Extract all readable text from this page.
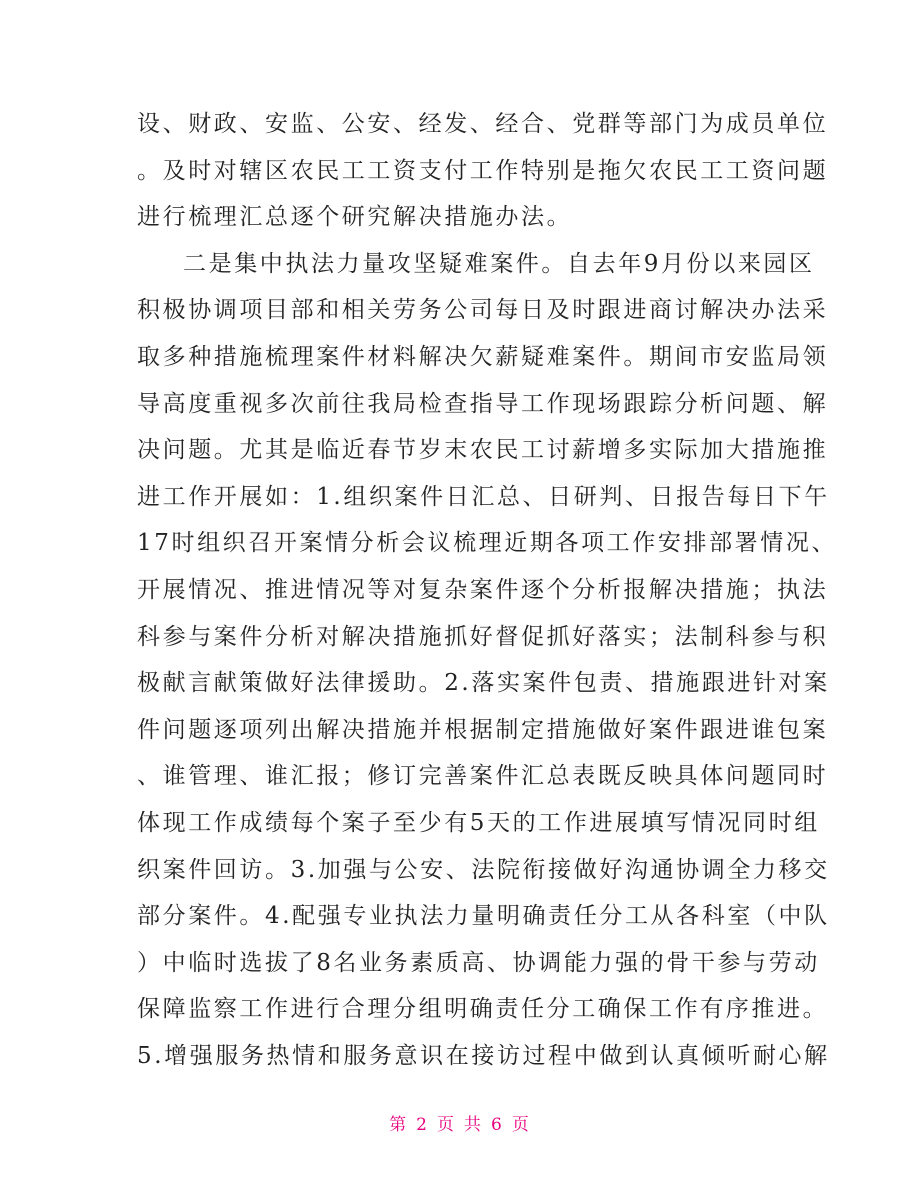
设、财政、安监、公安、经发、经合、党群等部门为成员单位
。及时对辖区农民工工资支付工作特别是拖欠农民工工资问题
进行梳理汇总逐个研究解决措施办法。
二是集中执法力量攻坚疑难案件。自去年9月份以来园区
积极协调项目部和相关劳务公司每日及时跟进商讨解决办法采
取多种措施梳理案件材料解决欠薪疑难案件。期间市安监局领
导高度重视多次前往我局检查指导工作现场跟踪分析问题、解
决问题。尤其是临近春节岁末农民工讨薪增多实际加大措施推
进工作开展如：1.组织案件日汇总、日研判、日报告每日下午
17时组织召开案情分析会议梳理近期各项工作安排部署情况、
开展情况、推进情况等对复杂案件逐个分析报解决措施；执法
科参与案件分析对解决措施抓好督促抓好落实；法制科参与积
极献言献策做好法律援助。2.落实案件包责、措施跟进针对案
件问题逐项列出解决措施并根据制定措施做好案件跟进谁包案
、谁管理、谁汇报；修订完善案件汇总表既反映具体问题同时
体现工作成绩每个案子至少有5天的工作进展填写情况同时组
织案件回访。3.加强与公安、法院衔接做好沟通协调全力移交
部分案件。4.配强专业执法力量明确责任分工从各科室（中队
）中临时选拔了8名业务素质高、协调能力强的骨干参与劳动
保障监察工作进行合理分组明确责任分工确保工作有序推进。
5.增强服务热情和服务意识在接访过程中做到认真倾听耐心解
第 2 页 共 6 页
